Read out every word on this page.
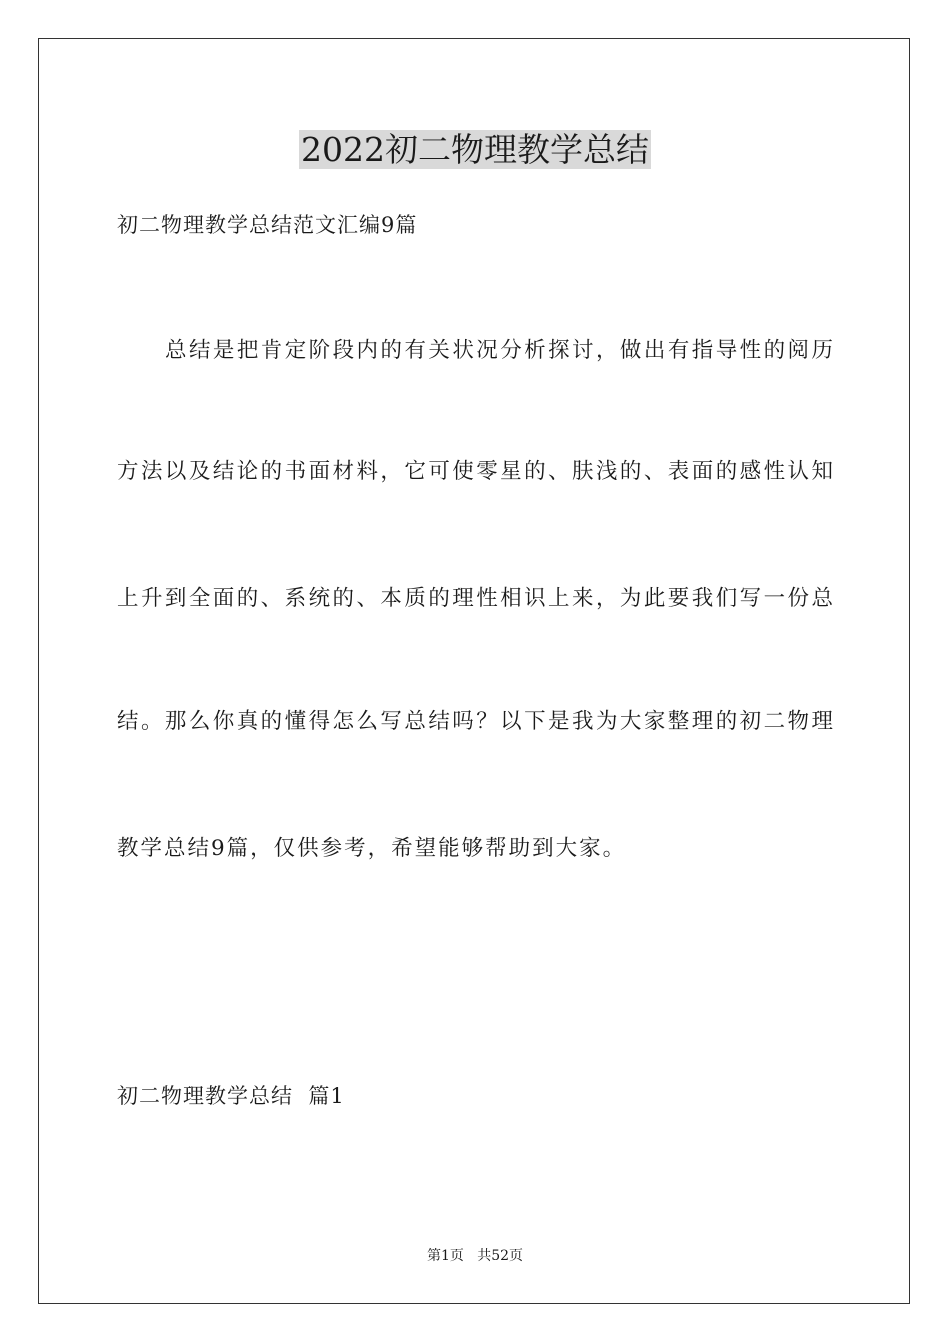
2022初二物理教学总结
初二物理教学总结范文汇编9篇
总结是把肯定阶段内的有关状况分析探讨，做出有指导性的阅历
方法以及结论的书面材料，它可使零星的、肤浅的、表面的感性认知
上升到全面的、系统的、本质的理性相识上来，为此要我们写一份总
结。那么你真的懂得怎么写总结吗？以下是我为大家整理的初二物理
教学总结9篇，仅供参考，希望能够帮助到大家。
初二物理教学总结  篇1
第1页   共52页
